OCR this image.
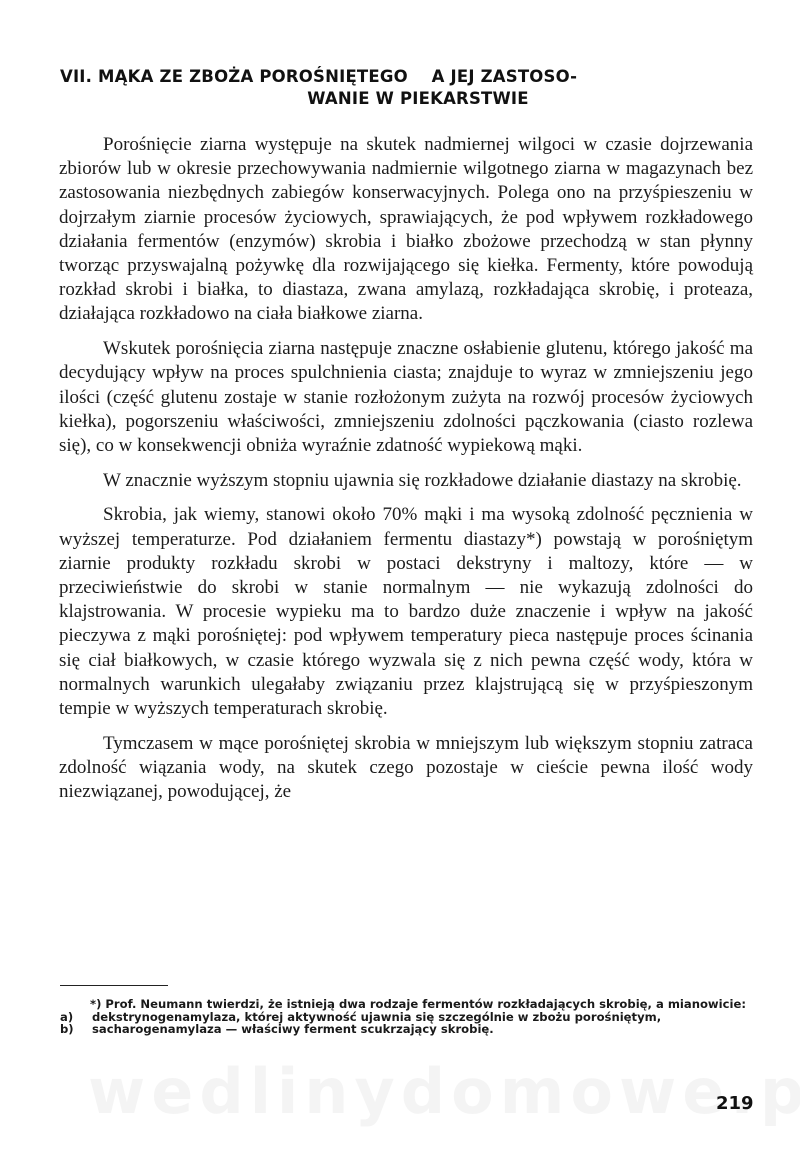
VII. MĄKA ZE ZBOŻA POROŚNIĘTEGO    A JEJ ZASTOSO-
WANIE W PIEKARSTWIE

Porośnięcie ziarna występuje na skutek nadmiernej wilgoci w czasie dojrzewania zbiorów lub w okresie przechowywania nadmiernie wilgotnego ziarna w magazynach bez zastosowania niezbędnych zabiegów konserwacyjnych. Polega ono na przyśpieszeniu w dojrzałym ziarnie procesów życiowych, sprawiających, że pod wpływem rozkładowego działania fermentów (enzymów) skrobia i białko zbożowe przechodzą w stan płynny tworząc przyswajalną pożywkę dla rozwijającego się kiełka. Fermenty, które powodują rozkład skrobi i białka, to diastaza, zwana amylazą, rozkładająca skrobię, i proteaza, działająca rozkładowo na ciała białkowe ziarna.

Wskutek porośnięcia ziarna następuje znaczne osłabienie glutenu, którego jakość ma decydujący wpływ na proces spulchnienia ciasta; znajduje to wyraz w zmniejszeniu jego ilości (część glutenu zostaje w stanie rozłożonym zużyta na rozwój procesów życiowych kiełka), pogorszeniu właściwości, zmniejszeniu zdolności pączkowania (ciasto rozlewa się), co w konsekwencji obniża wyraźnie zdatność wypiekową mąki.

W znacznie wyższym stopniu ujawnia się rozkładowe działanie diastazy na skrobię.

Skrobia, jak wiemy, stanowi około 70% mąki i ma wysoką zdolność pęcznienia w wyższej temperaturze. Pod działaniem fermentu diastazy*) powstają w porośniętym ziarnie produkty rozkładu skrobi w postaci dekstryny i maltozy, które — w przeciwieństwie do skrobi w stanie normalnym — nie wykazują zdolności do klajstrowania. W procesie wypieku ma to bardzo duże znaczenie i wpływ na jakość pieczywa z mąki porośniętej: pod wpływem temperatury pieca następuje proces ścinania się ciał białkowych, w czasie którego wyzwala się z nich pewna część wody, która w normalnych warunkich ulegałaby związaniu przez klajstrującą się w przyśpieszonym tempie w wyższych temperaturach skrobię.

Tymczasem w mące porośniętej skrobia w mniejszym lub większym stopniu zatraca zdolność wiązania wody, na skutek czego pozostaje w cieście pewna ilość wody niezwiązanej, powodującej, że

*) Prof. Neumann twierdzi, że istnieją dwa rodzaje fermentów rozkładających skrobię, a mianowicie:

a)	dekstrynogenamylaza, której aktywność ujawnia się szczególnie w zbożu porośniętym,
b)	sacharogenamylaza — właściwy ferment scukrzający skrobię.
219
